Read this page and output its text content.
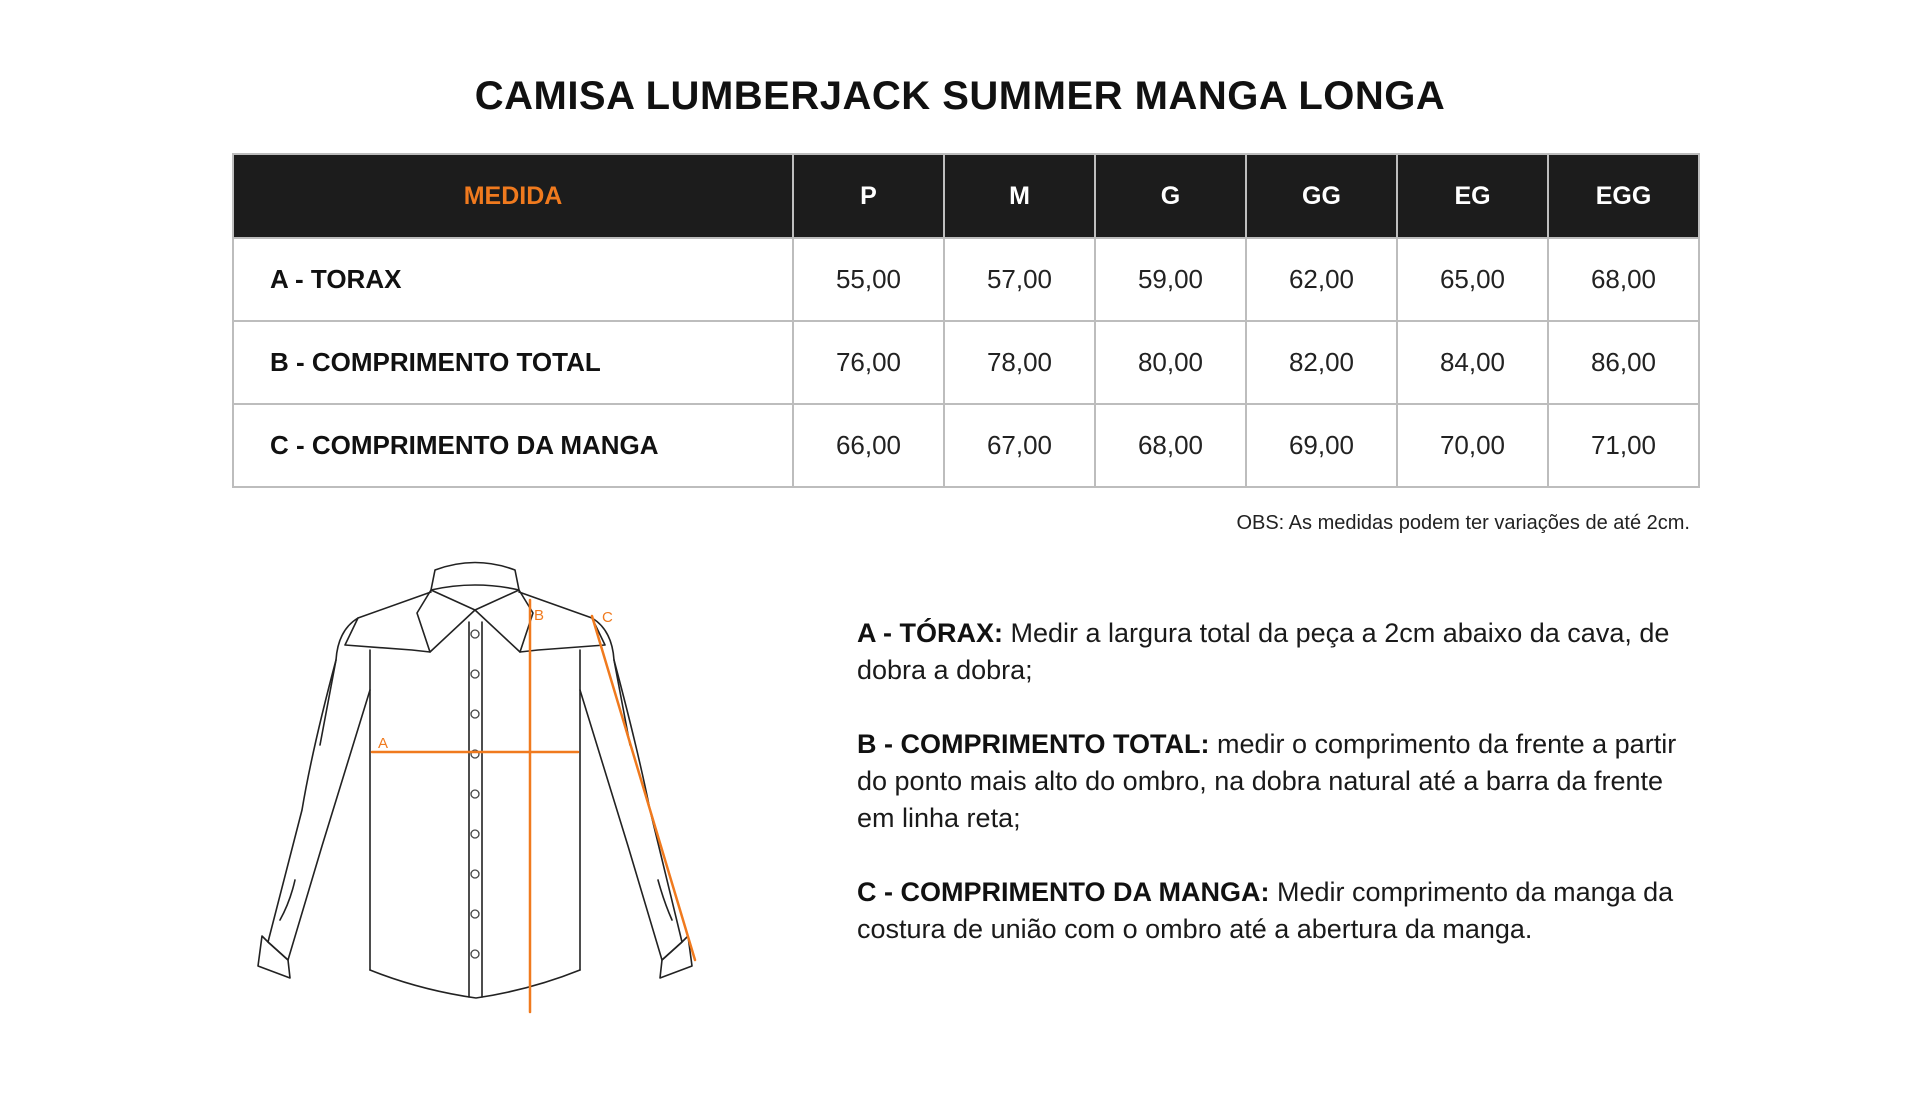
CAMISA LUMBERJACK SUMMER MANGA LONGA
MEDIDA	P	M	G	GG	EG	EGG
A - TORAX	55,00	57,00	59,00	62,00	65,00	68,00
B - COMPRIMENTO TOTAL	76,00	78,00	80,00	82,00	84,00	86,00
C - COMPRIMENTO DA MANGA	66,00	67,00	68,00	69,00	70,00	71,00
OBS: As medidas podem ter variações de até 2cm.
A
B	C

A - TÓRAX: Medir a largura total da peça a 2cm abaixo da cava, de dobra a dobra;

B - COMPRIMENTO TOTAL: medir o comprimento da frente a partir do ponto mais alto do ombro, na dobra natural até a barra da frente em linha reta;

C - COMPRIMENTO DA MANGA: Medir comprimento da manga da costura de união com o ombro até a abertura da manga.
